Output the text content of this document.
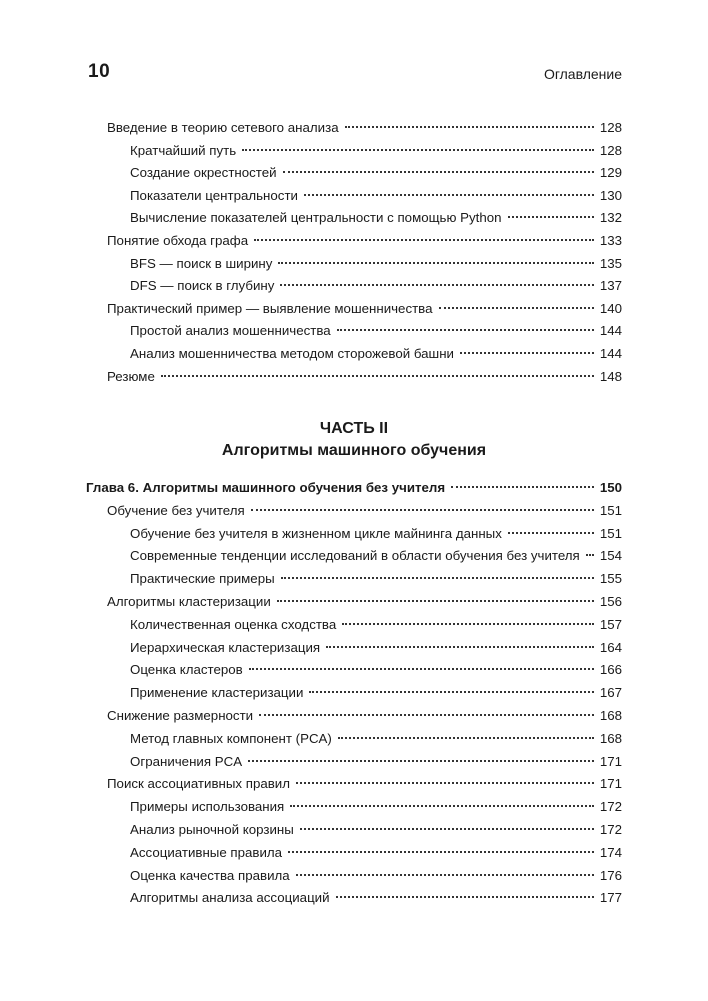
10	Оглавление
Введение в теорию сетевого анализа	128
Кратчайший путь	128
Создание окрестностей	129
Показатели центральности	130
Вычисление показателей центральности с помощью Python	132
Понятие обхода графа	133
BFS — поиск в ширину	135
DFS — поиск в глубину	137
Практический пример — выявление мошенничества	140
Простой анализ мошенничества	144
Анализ мошенничества методом сторожевой башни	144
Резюме	148
ЧАСТЬ II
Алгоритмы машинного обучения
Глава 6. Алгоритмы машинного обучения без учителя	150
Обучение без учителя	151
Обучение без учителя в жизненном цикле майнинга данных	151
Современные тенденции исследований в области обучения без учителя 154
Практические примеры	155
Алгоритмы кластеризации	156
Количественная оценка сходства	157
Иерархическая кластеризация	164
Оценка кластеров	166
Применение кластеризации	167
Снижение размерности	168
Метод главных компонент (PCA)	168
Ограничения PCA	171
Поиск ассоциативных правил	171
Примеры использования	172
Анализ рыночной корзины	172
Ассоциативные правила	174
Оценка качества правила	176
Алгоритмы анализа ассоциаций	177
